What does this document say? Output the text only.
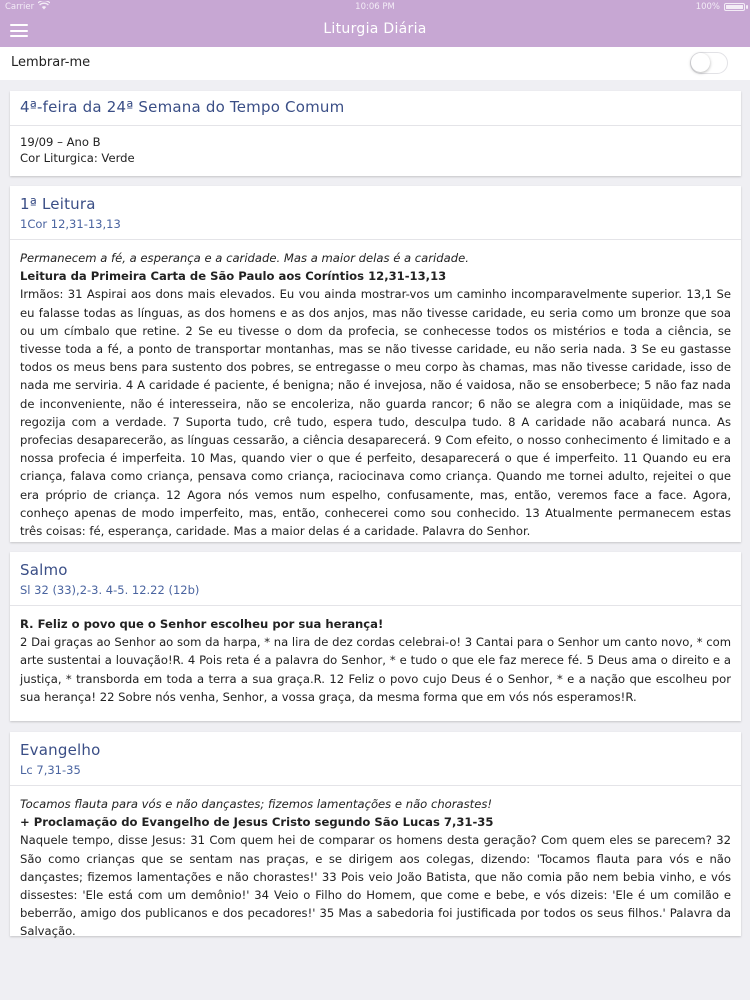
Carrier	10:06 PM	100%
Liturgia Diária
Lembrar-me
4ª-feira da 24ª Semana do Tempo Comum
19/09 – Ano B
Cor Liturgica: Verde
1ª Leitura
1Cor 12,31-13,13
Permanecem a fé, a esperança e a caridade. Mas a maior delas é a caridade.
Leitura da Primeira Carta de São Paulo aos Coríntios 12,31-13,13

Irmãos: 31 Aspirai aos dons mais elevados. Eu vou ainda mostrar-vos um caminho incomparavelmente superior. 13,1 Se eu falasse todas as línguas, as dos homens e as dos anjos, mas não tivesse caridade, eu seria como um bronze que soa ou um címbalo que retine. 2 Se eu tivesse o dom da profecia, se conhecesse todos os mistérios e toda a ciência, se tivesse toda a fé, a ponto de transportar montanhas, mas se não tivesse caridade, eu não seria nada. 3 Se eu gastasse todos os meus bens para sustento dos pobres, se entregasse o meu corpo às chamas, mas não tivesse caridade, isso de nada me serviria. 4 A caridade é paciente, é benigna; não é invejosa, não é vaidosa, não se ensoberbece; 5 não faz nada de inconveniente, não é interesseira, não se encoleriza, não guarda rancor; 6 não se alegra com a iniqüidade, mas se regozija com a verdade. 7 Suporta tudo, crê tudo, espera tudo, desculpa tudo. 8 A caridade não acabará nunca. As profecias desaparecerão, as línguas cessarão, a ciência desaparecerá. 9 Com efeito, o nosso conhecimento é limitado e a nossa profecia é imperfeita. 10 Mas, quando vier o que é perfeito, desaparecerá o que é imperfeito. 11 Quando eu era criança, falava como criança, pensava como criança, raciocinava como criança. Quando me tornei adulto, rejeitei o que era próprio de criança. 12 Agora nós vemos num espelho, confusamente, mas, então, veremos face a face. Agora, conheço apenas de modo imperfeito, mas, então, conhecerei como sou conhecido. 13 Atualmente permanecem estas três coisas: fé, esperança, caridade. Mas a maior delas é a caridade. Palavra do Senhor.

Salmo
Sl 32 (33),2-3. 4-5. 12.22 (12b)
R. Feliz o povo que o Senhor escolheu por sua herança!

2 Dai graças ao Senhor ao som da harpa, * na lira de dez cordas celebrai-o! 3 Cantai para o Senhor um canto novo, * com arte sustentai a louvação!R. 4 Pois reta é a palavra do Senhor, * e tudo o que ele faz merece fé. 5 Deus ama o direito e a justiça, * transborda em toda a terra a sua graça.R. 12 Feliz o povo cujo Deus é o Senhor, * e a nação que escolheu por sua herança! 22 Sobre nós venha, Senhor, a vossa graça, da mesma forma que em vós nós esperamos!R.

Evangelho
Lc 7,31-35
Tocamos flauta para vós e não dançastes; fizemos lamentações e não chorastes!
+ Proclamação do Evangelho de Jesus Cristo segundo São Lucas 7,31-35

Naquele tempo, disse Jesus: 31 Com quem hei de comparar os homens desta geração? Com quem eles se parecem? 32 São como crianças que se sentam nas praças, e se dirigem aos colegas, dizendo: 'Tocamos flauta para vós e não dançastes; fizemos lamentações e não chorastes!' 33 Pois veio João Batista, que não comia pão nem bebia vinho, e vós dissestes: 'Ele está com um demônio!' 34 Veio o Filho do Homem, que come e bebe, e vós dizeis: 'Ele é um comilão e beberrão, amigo dos publicanos e dos pecadores!' 35 Mas a sabedoria foi justificada por todos os seus filhos.' Palavra da Salvação.
